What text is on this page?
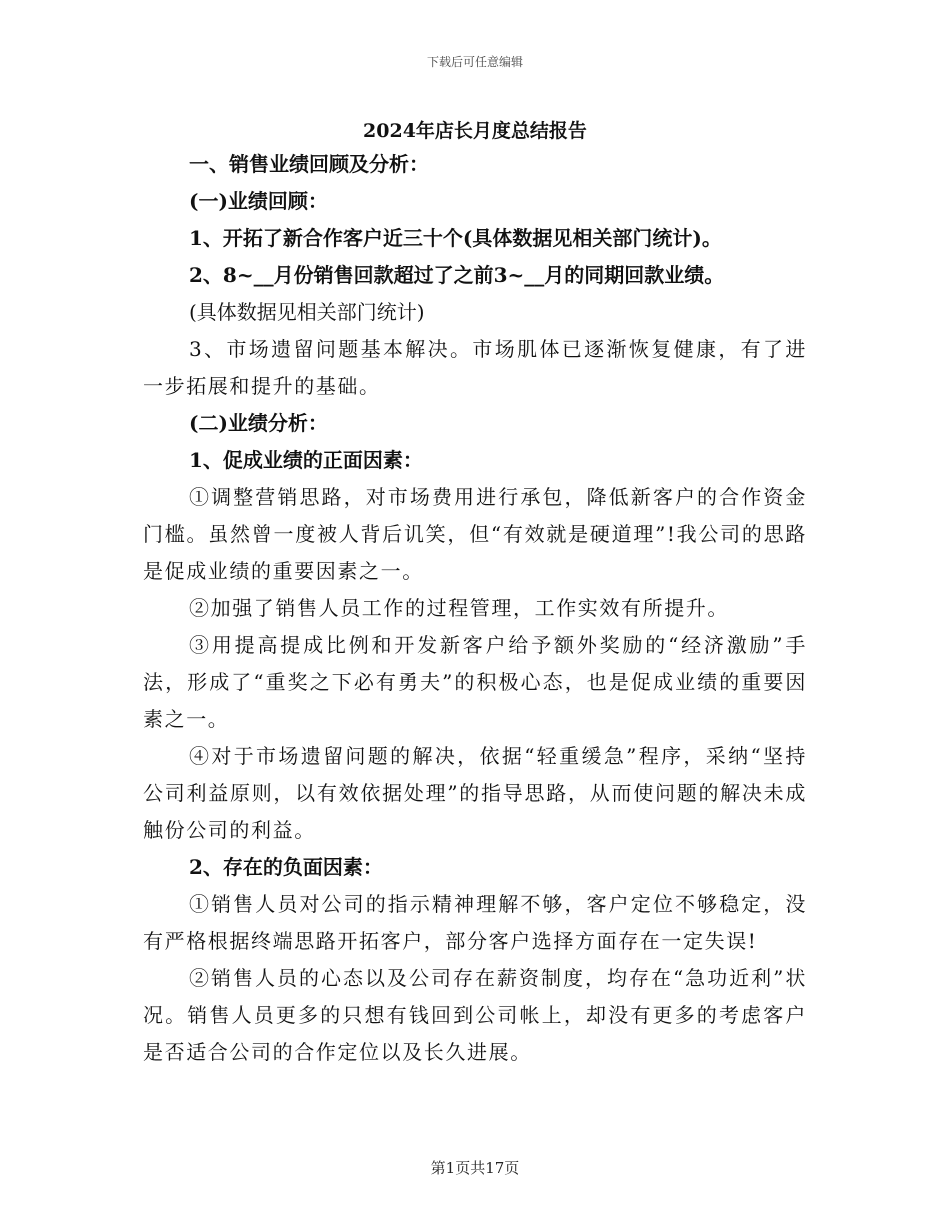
下载后可任意编辑
2024年店长月度总结报告

一、销售业绩回顾及分析：

(一)业绩回顾：

1、开拓了新合作客户近三十个(具体数据见相关部门统计)。

2、8~__月份销售回款超过了之前3~__月的同期回款业绩。

(具体数据见相关部门统计)

3、市场遗留问题基本解决。市场肌体已逐渐恢复健康，有了进一步拓展和提升的基础。

(二)业绩分析：

1、促成业绩的正面因素：

①调整营销思路，对市场费用进行承包，降低新客户的合作资金门槛。虽然曾一度被人背后讥笑，但“有效就是硬道理”!我公司的思路是促成业绩的重要因素之一。

②加强了销售人员工作的过程管理，工作实效有所提升。

③用提高提成比例和开发新客户给予额外奖励的“经济激励”手法，形成了“重奖之下必有勇夫”的积极心态，也是促成业绩的重要因素之一。

④对于市场遗留问题的解决，依据“轻重缓急”程序，采纳“坚持公司利益原则，以有效依据处理”的指导思路，从而使问题的解决未成触份公司的利益。

2、存在的负面因素：

①销售人员对公司的指示精神理解不够，客户定位不够稳定，没有严格根据终端思路开拓客户，部分客户选择方面存在一定失误!

②销售人员的心态以及公司存在薪资制度，均存在“急功近利”状况。销售人员更多的只想有钱回到公司帐上，却没有更多的考虑客户是否适合公司的合作定位以及长久进展。

第1页共17页
